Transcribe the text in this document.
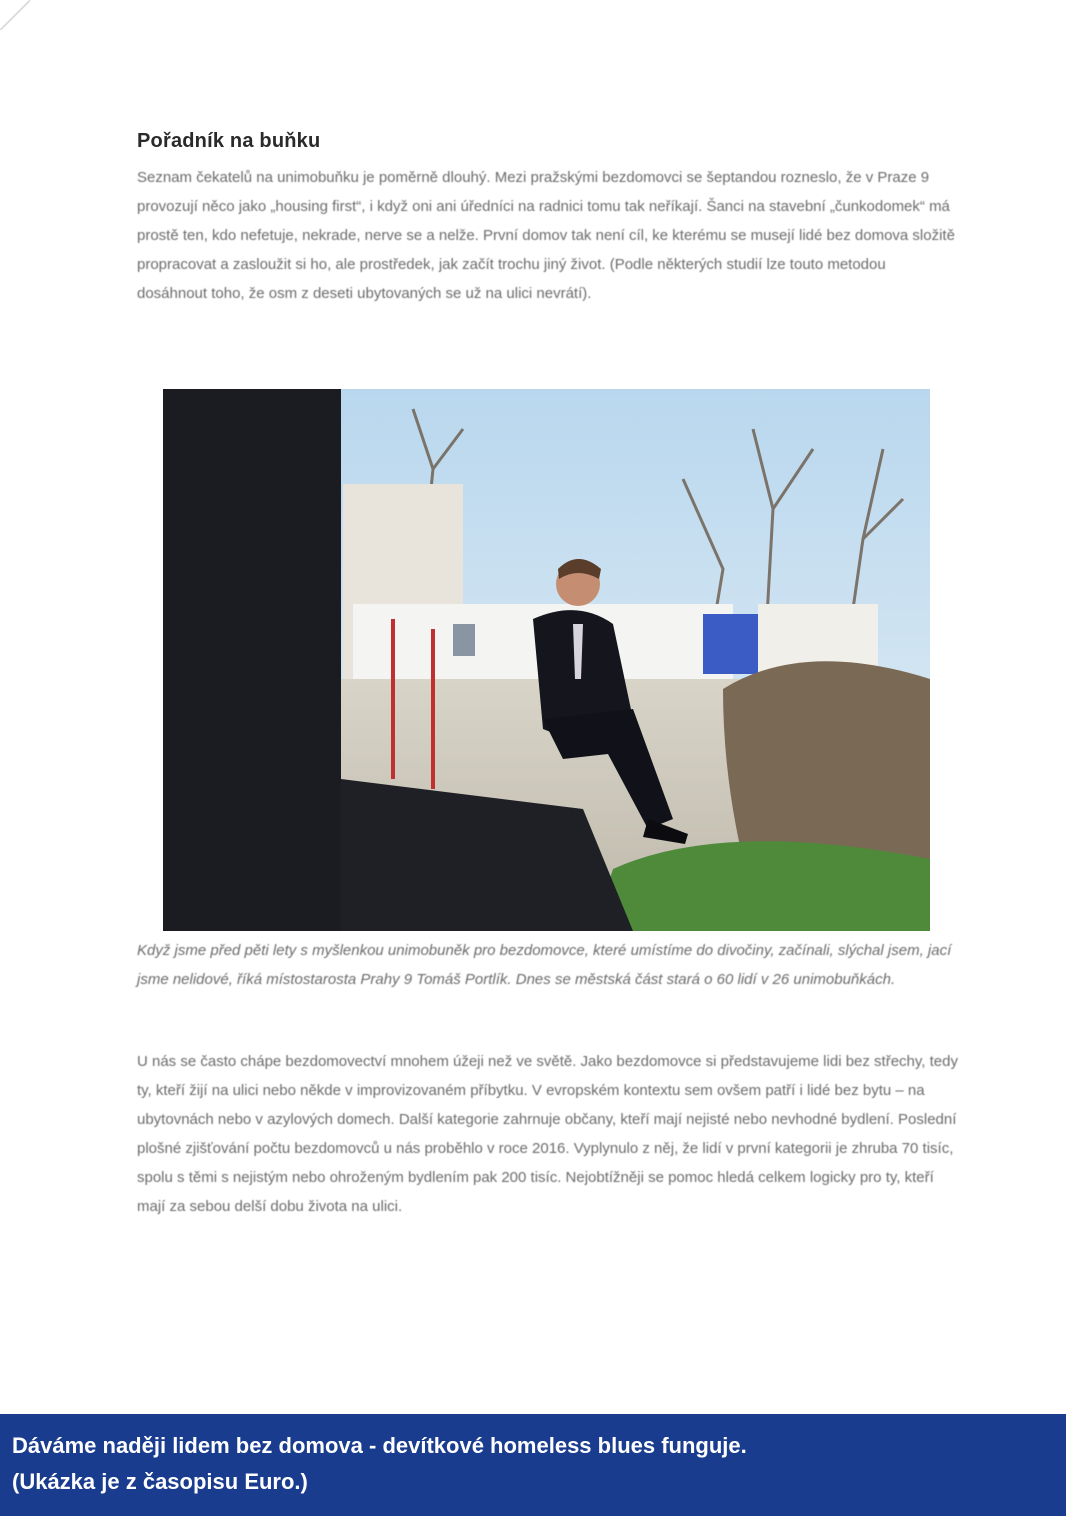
Pořadník na buňku

Seznam čekatelů na unimobuňku je poměrně dlouhý. Mezi pražskými bezdomovci se šeptandou rozneslo, že v Praze 9 provozují něco jako „housing first“, i když oni ani úředníci na radnici tomu tak neříkají. Šanci na stavební „čunkodomek“ má prostě ten, kdo nefetuje, nekrade, nerve se a nelže. První domov tak není cíl, ke kterému se musejí lidé bez domova složitě propracovat a zasloužit si ho, ale prostředek, jak začít trochu jiný život. (Podle některých studií lze touto metodou dosáhnout toho, že osm z deseti ubytovaných se už na ulici nevrátí).

U nás se často chápe bezdomovectví mnohem úžeji než ve světě. Jako bezdomovce si představujeme lidi bez střechy, tedy ty, kteří žijí na ulici nebo někde v improvizovaném příbytku. V evropském kontextu sem ovšem patří i lidé bez bytu – na ubytovnách nebo v azylových domech. Další kategorie zahrnuje občany, kteří mají nejisté nebo nevhodné bydlení. Poslední plošné zjišťování počtu bezdomovců u nás proběhlo v roce 2016. Vyplynulo z něj, že lidí v první kategorii je zhruba 70 tisíc, spolu s těmi s nejistým nebo ohroženým bydlením pak 200 tisíc. Nejobtížněji se pomoc hledá celkem logicky pro ty, kteří mají za sebou delší dobu života na ulici.

Když jsme před pěti lety s myšlenkou unimobuněk pro bezdomovce, které umístíme do divočiny, začínali, slýchal jsem, jací jsme nelidové, říká místostarosta Prahy 9 Tomáš Portlík. Dnes se městská část stará o 60 lidí v 26 unimobuňkách.

Dáváme naději lidem bez domova - devítkové homeless blues funguje.
(Ukázka je z časopisu Euro.)
